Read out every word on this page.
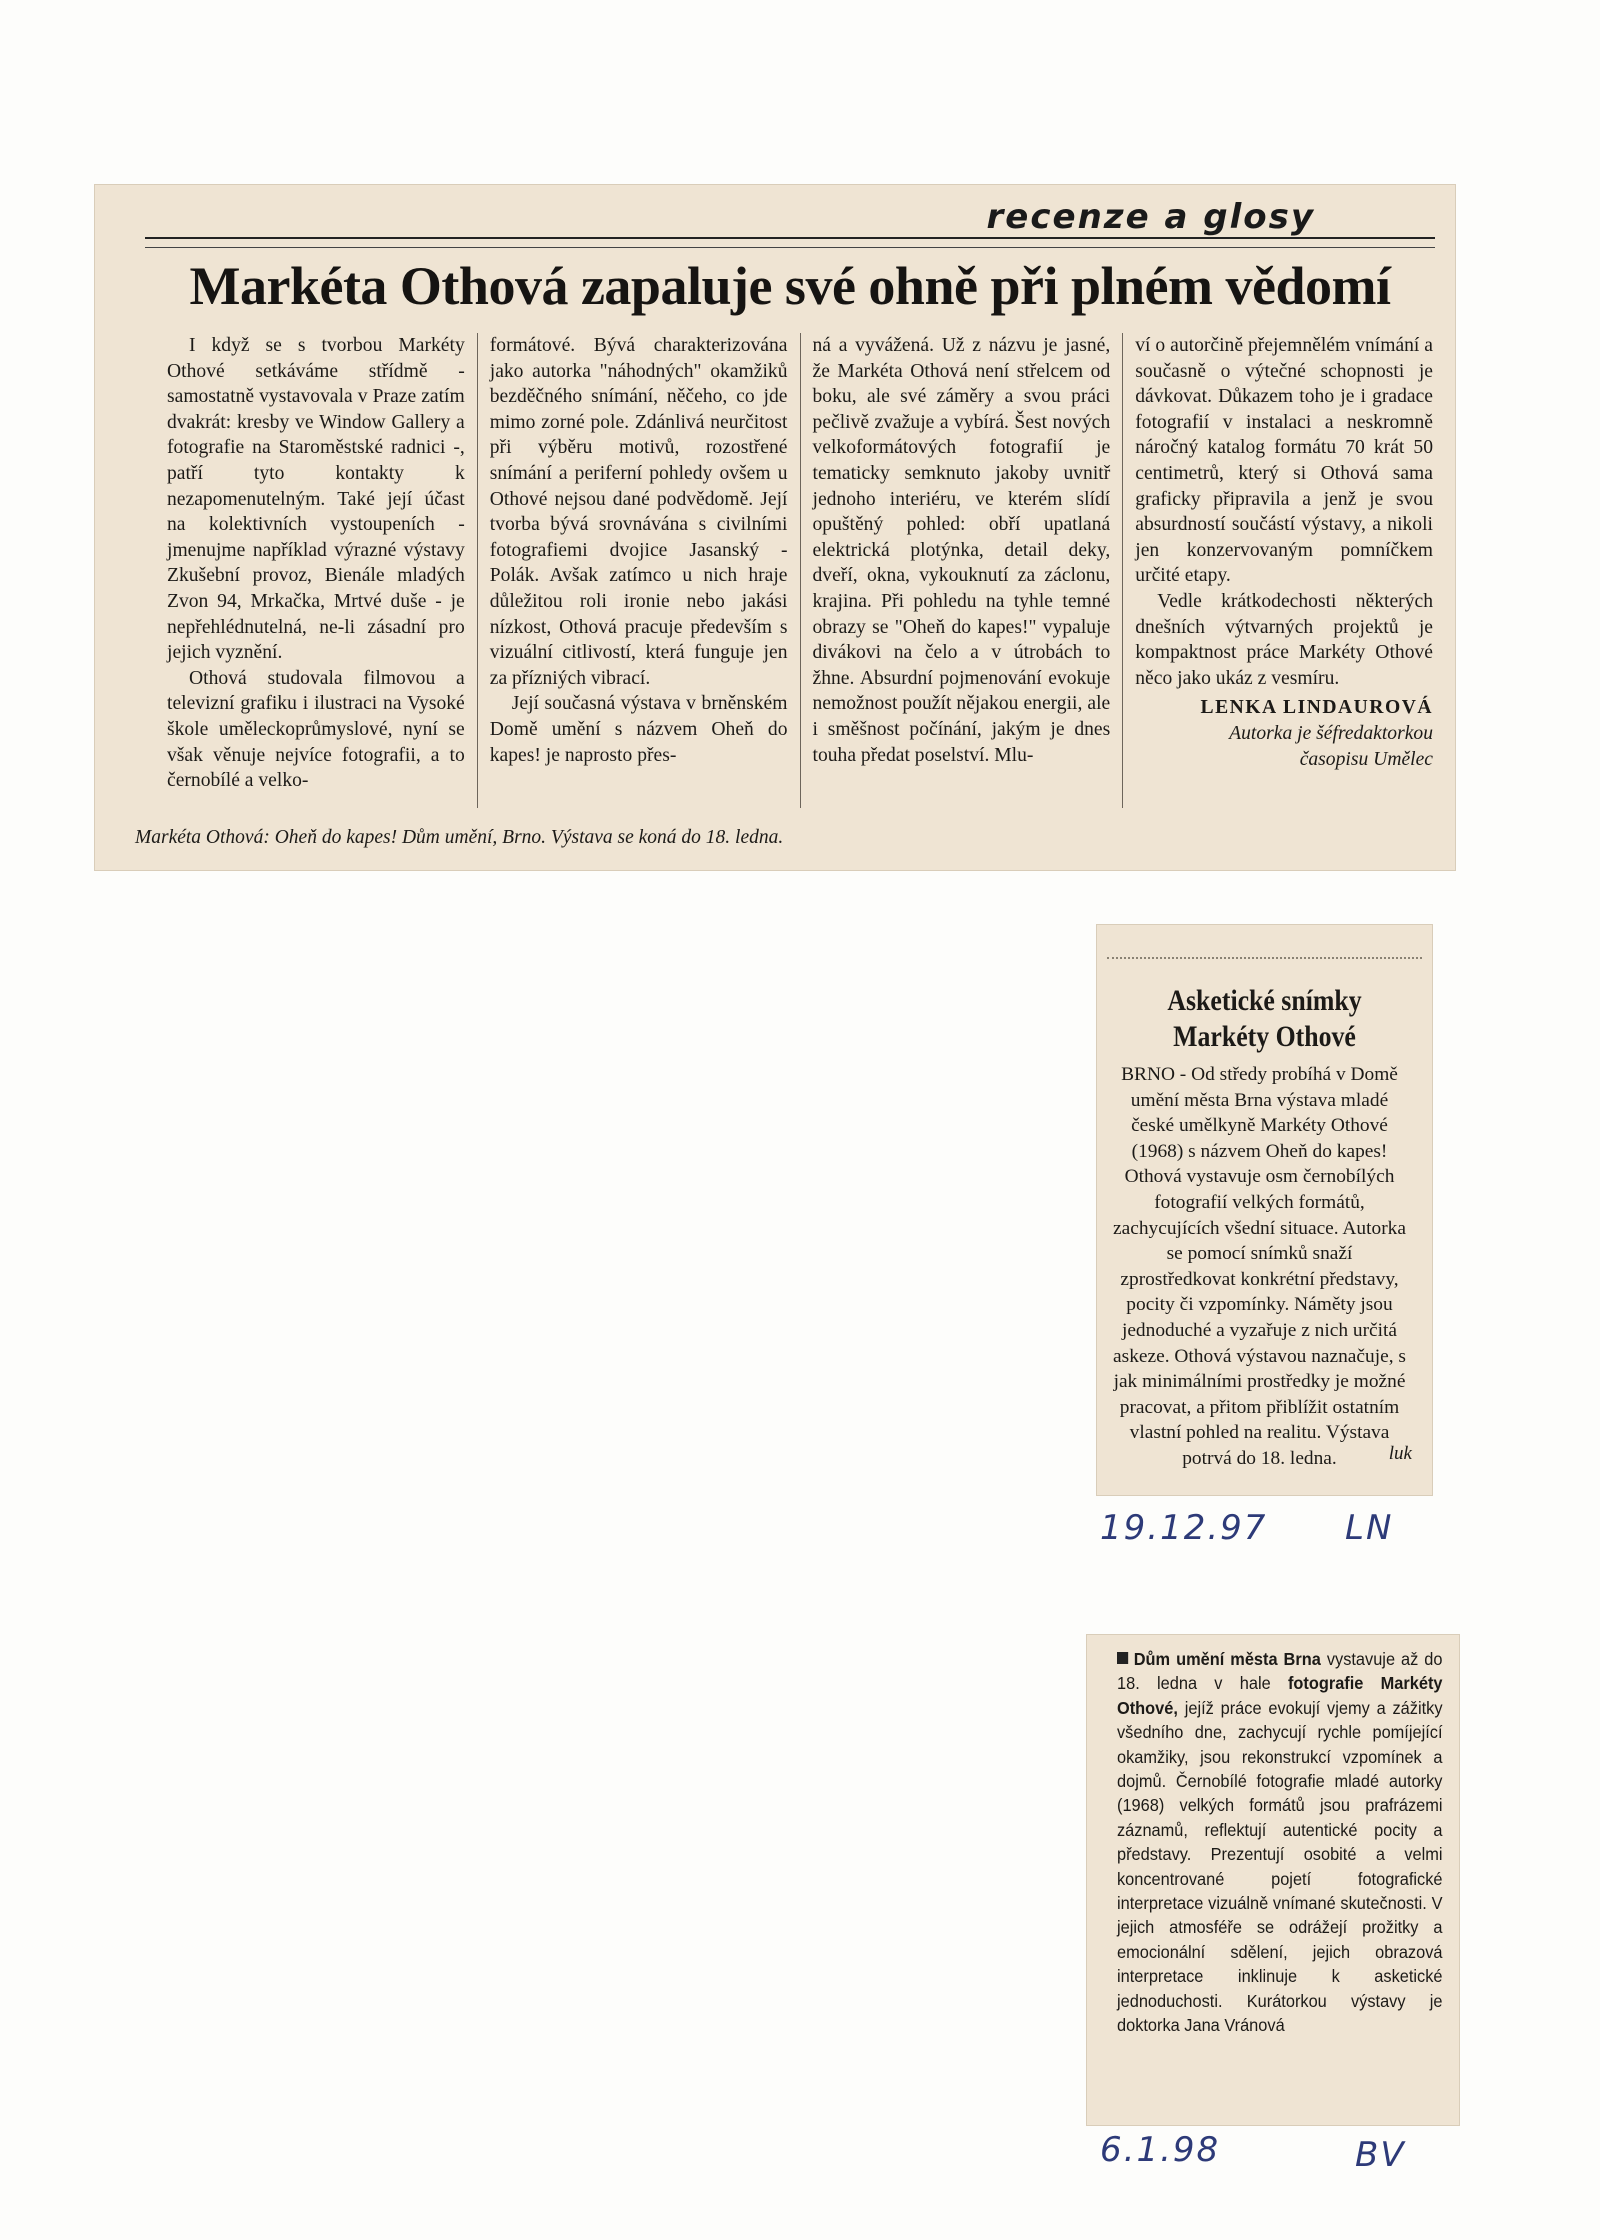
recenze a glosy
Markéta Othová zapaluje své ohně při plném vědomí

I když se s tvorbou Markéty Othové setkáváme střídmě - samostatně vystavovala v Praze zatím dvakrát: kresby ve Window Gallery a fotografie na Staroměstské radnici -, patří tyto kontakty k nezapomenutelným. Také její účast na kolektivních vystoupeních - jmenujme například výrazné výstavy Zkušební provoz, Bienále mladých Zvon 94, Mrkačka, Mrtvé duše - je nepřehlédnutelná, ne-li zásadní pro jejich vyznění.

Othová studovala filmovou a televizní grafiku i ilustraci na Vysoké škole uměleckoprůmyslové, nyní se však věnuje nejvíce fotografii, a to černobílé a velko-

formátové. Bývá charakterizována jako autorka "náhodných" okamžiků bezděčného snímání, něčeho, co jde mimo zorné pole. Zdánlivá neurčitost při výběru motivů, rozostřené snímání a periferní pohledy ovšem u Othové nejsou dané podvědomě. Její tvorba bývá srovnávána s civilními fotografiemi dvojice Jasanský - Polák. Avšak zatímco u nich hraje důležitou roli ironie nebo jakási nízkost, Othová pracuje především s vizuální citlivostí, která funguje jen za přízniých vibrací.

Její současná výstava v brněnském Domě umění s názvem Oheň do kapes! je naprosto přes-

ná a vyvážená. Už z názvu je jasné, že Markéta Othová není střelcem od boku, ale své záměry a svou práci pečlivě zvažuje a vybírá. Šest nových velkoformátových fotografií je tematicky semknuto jakoby uvnitř jednoho interiéru, ve kterém slídí opuštěný pohled: obří upatlaná elektrická plotýnka, detail deky, dveří, okna, vykouknutí za záclonu, krajina. Při pohledu na tyhle temné obrazy se "Oheň do kapes!" vypaluje divákovi na čelo a v útrobách to žhne. Absurdní pojmenování evokuje nemožnost použít nějakou energii, ale i směšnost počínání, jakým je dnes touha předat poselství. Mlu-

ví o autorčině přejemnělém vnímání a současně o výtečné schopnosti je dávkovat. Důkazem toho je i gradace fotografií v instalaci a neskromně náročný katalog formátu 70 krát 50 centimetrů, který si Othová sama graficky připravila a jenž je svou absurdností součástí výstavy, a nikoli jen konzervovaným pomníčkem určité etapy.

Vedle krátkodechosti některých dnešních výtvarných projektů je kompaktnost práce Markéty Othové něco jako ukáz z vesmíru.

LENKA LINDAUROVÁ
Autorka je šéfredaktorkou
časopisu Umělec
Markéta Othová: Oheň do kapes! Dům umění, Brno. Výstava se koná do 18. ledna.
Asketické snímky
Markéty Othové
BRNO - Od středy probíhá v Domě umění města Brna výstava mladé české umělkyně Markéty Othové (1968) s názvem Oheň do kapes! Othová vystavuje osm černobílých fotografií velkých formátů, zachycujících všední situace. Autorka se pomocí snímků snaží zprostředkovat konkrétní představy, pocity či vzpomínky. Náměty jsou jednoduché a vyzařuje z nich určitá askeze. Othová výstavou naznačuje, s jak minimálními prostředky je možné pracovat, a přitom přiblížit ostatním vlastní pohled na realitu. Výstava potrvá do 18. ledna.	luk
19.12.97 LN
Dům umění města Brna vystavuje až do 18. ledna v hale fotografie Markéty Othové, jejíž práce evokují vjemy a zážitky všedního dne, zachycují rychle pomíjející okamžiky, jsou rekonstrukcí vzpomínek a dojmů. Černobílé fotografie mladé autorky (1968) velkých formátů jsou prafrázemi záznamů, reflektují autentické pocity a představy. Prezentují osobité a velmi koncentrované pojetí fotografické interpretace vizuálně vnímané skutečnosti. V jejich atmosféře se odrážejí prožitky a emocionální sdělení, jejich obrazová interpretace inklinuje k asketické jednoduchosti. Kurátorkou výstavy je doktorka Jana Vránová
6.1.98	BV
